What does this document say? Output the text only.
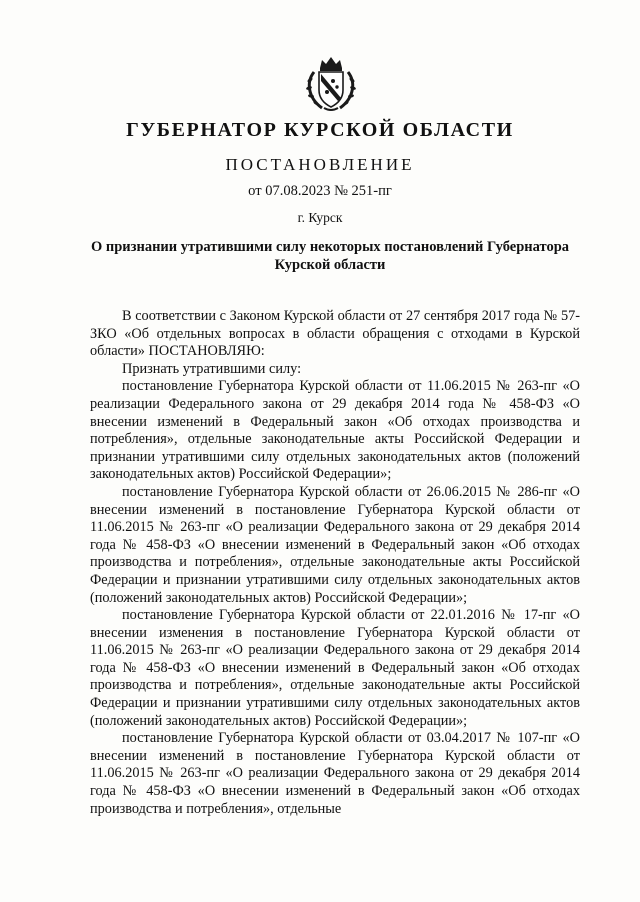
ГУБЕРНАТОР КУРСКОЙ ОБЛАСТИ
ПОСТАНОВЛЕНИЕ
от 07.08.2023 № 251-пг
г. Курск
О признании утратившими силу некоторых постановлений Губернатора Курской области

В соответствии с Законом Курской области от 27 сентября 2017 года № 57-ЗКО «Об отдельных вопросах в области обращения с отходами в Курской области» ПОСТАНОВЛЯЮ:

Признать утратившими силу:

постановление Губернатора Курской области от 11.06.2015 № 263-пг «О реализации Федерального закона от 29 декабря 2014 года № 458-ФЗ «О внесении изменений в Федеральный закон «Об отходах производства и потребления», отдельные законодательные акты Российской Федерации и признании утратившими силу отдельных законодательных актов (положений законодательных актов) Российской Федерации»;

постановление Губернатора Курской области от 26.06.2015 № 286-пг «О внесении изменений в постановление Губернатора Курской области от 11.06.2015 № 263-пг «О реализации Федерального закона от 29 декабря 2014 года № 458-ФЗ «О внесении изменений в Федеральный закон «Об отходах производства и потребления», отдельные законодательные акты Российской Федерации и признании утратившими силу отдельных законодательных актов (положений законодательных актов) Российской Федерации»;

постановление Губернатора Курской области от 22.01.2016 № 17-пг «О внесении изменения в постановление Губернатора Курской области от 11.06.2015 № 263-пг «О реализации Федерального закона от 29 декабря 2014 года № 458-ФЗ «О внесении изменений в Федеральный закон «Об отходах производства и потребления», отдельные законодательные акты Российской Федерации и признании утратившими силу отдельных законодательных актов (положений законодательных актов) Российской Федерации»;

постановление Губернатора Курской области от 03.04.2017 № 107-пг «О внесении изменений в постановление Губернатора Курской области от 11.06.2015 № 263-пг «О реализации Федерального закона от 29 декабря 2014 года № 458-ФЗ «О внесении изменений в Федеральный закон «Об отходах производства и потребления», отдельные
